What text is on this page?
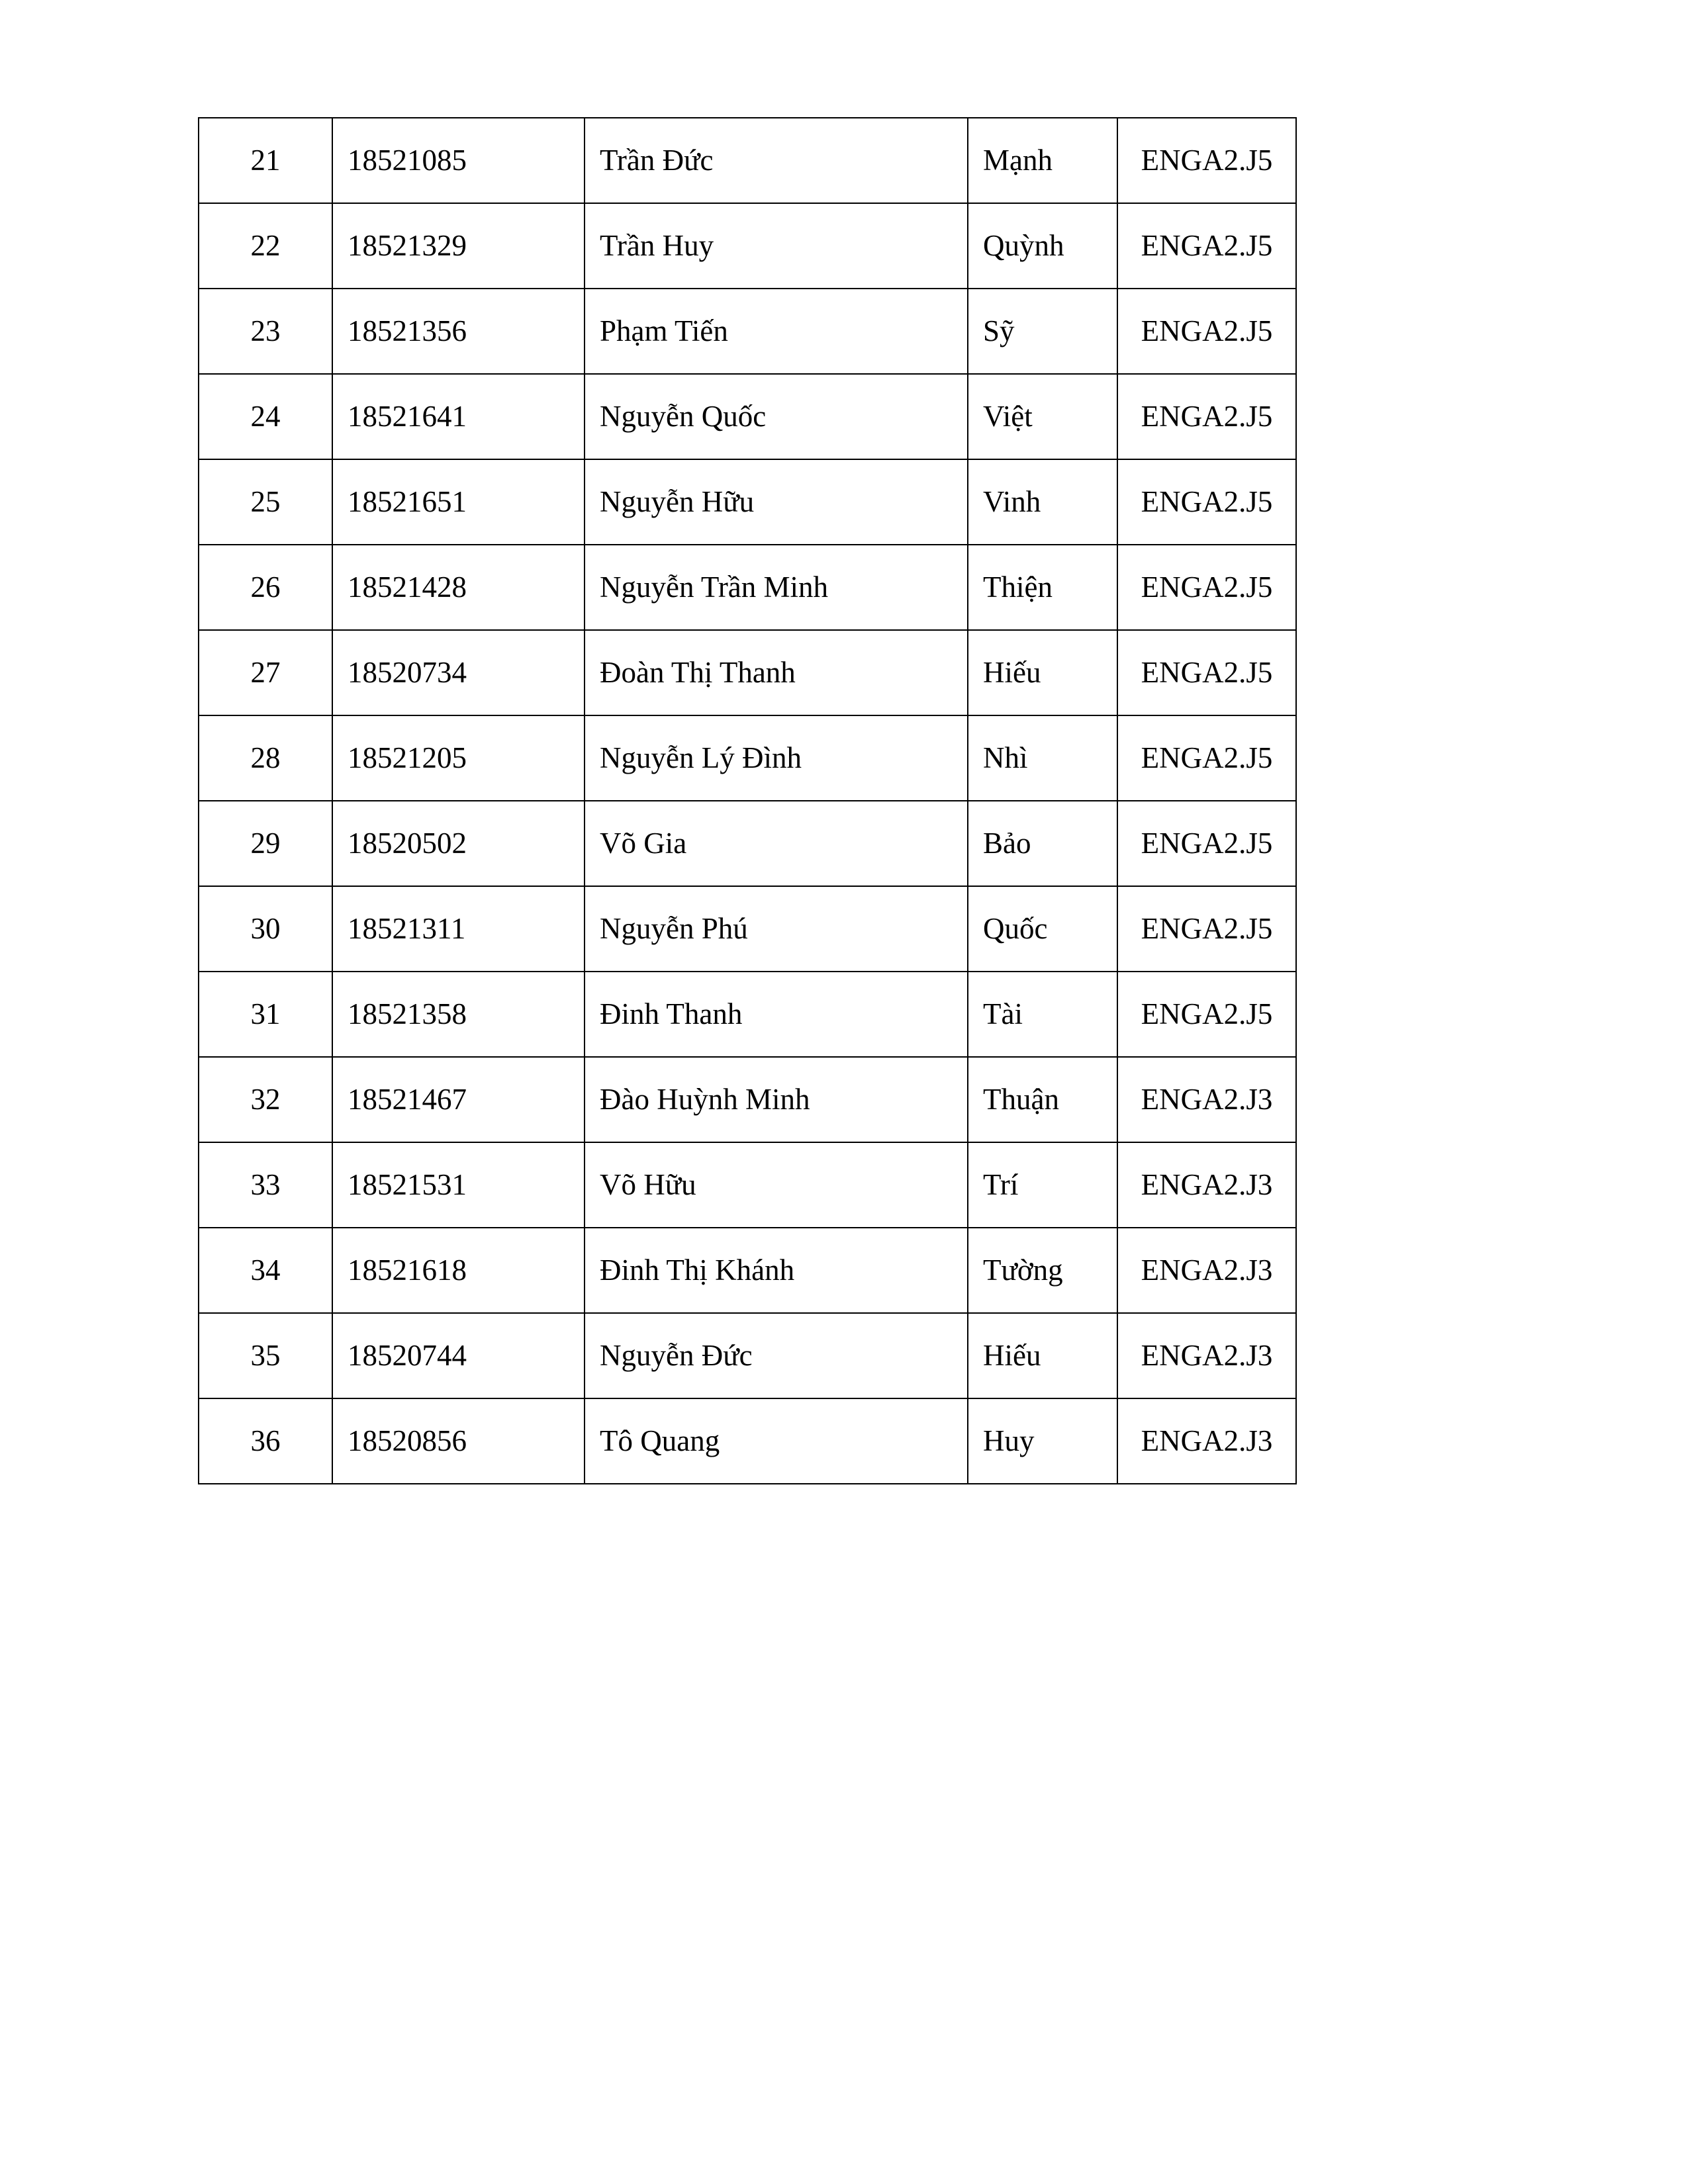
21	18521085	Trần Đức	Mạnh	ENGA2.J5
22	18521329	Trần Huy	Quỳnh	ENGA2.J5
23	18521356	Phạm Tiến	Sỹ	ENGA2.J5
24	18521641	Nguyễn Quốc	Việt	ENGA2.J5
25	18521651	Nguyễn Hữu	Vinh	ENGA2.J5
26	18521428	Nguyễn Trần Minh	Thiện	ENGA2.J5
27	18520734	Đoàn Thị Thanh	Hiếu	ENGA2.J5
28	18521205	Nguyễn Lý Đình	Nhì	ENGA2.J5
29	18520502	Võ Gia	Bảo	ENGA2.J5
30	18521311	Nguyễn Phú	Quốc	ENGA2.J5
31	18521358	Đinh Thanh	Tài	ENGA2.J5
32	18521467	Đào Huỳnh Minh	Thuận	ENGA2.J3
33	18521531	Võ Hữu	Trí	ENGA2.J3
34	18521618	Đinh Thị Khánh	Tường	ENGA2.J3
35	18520744	Nguyễn Đức	Hiếu	ENGA2.J3
36	18520856	Tô Quang	Huy	ENGA2.J3
